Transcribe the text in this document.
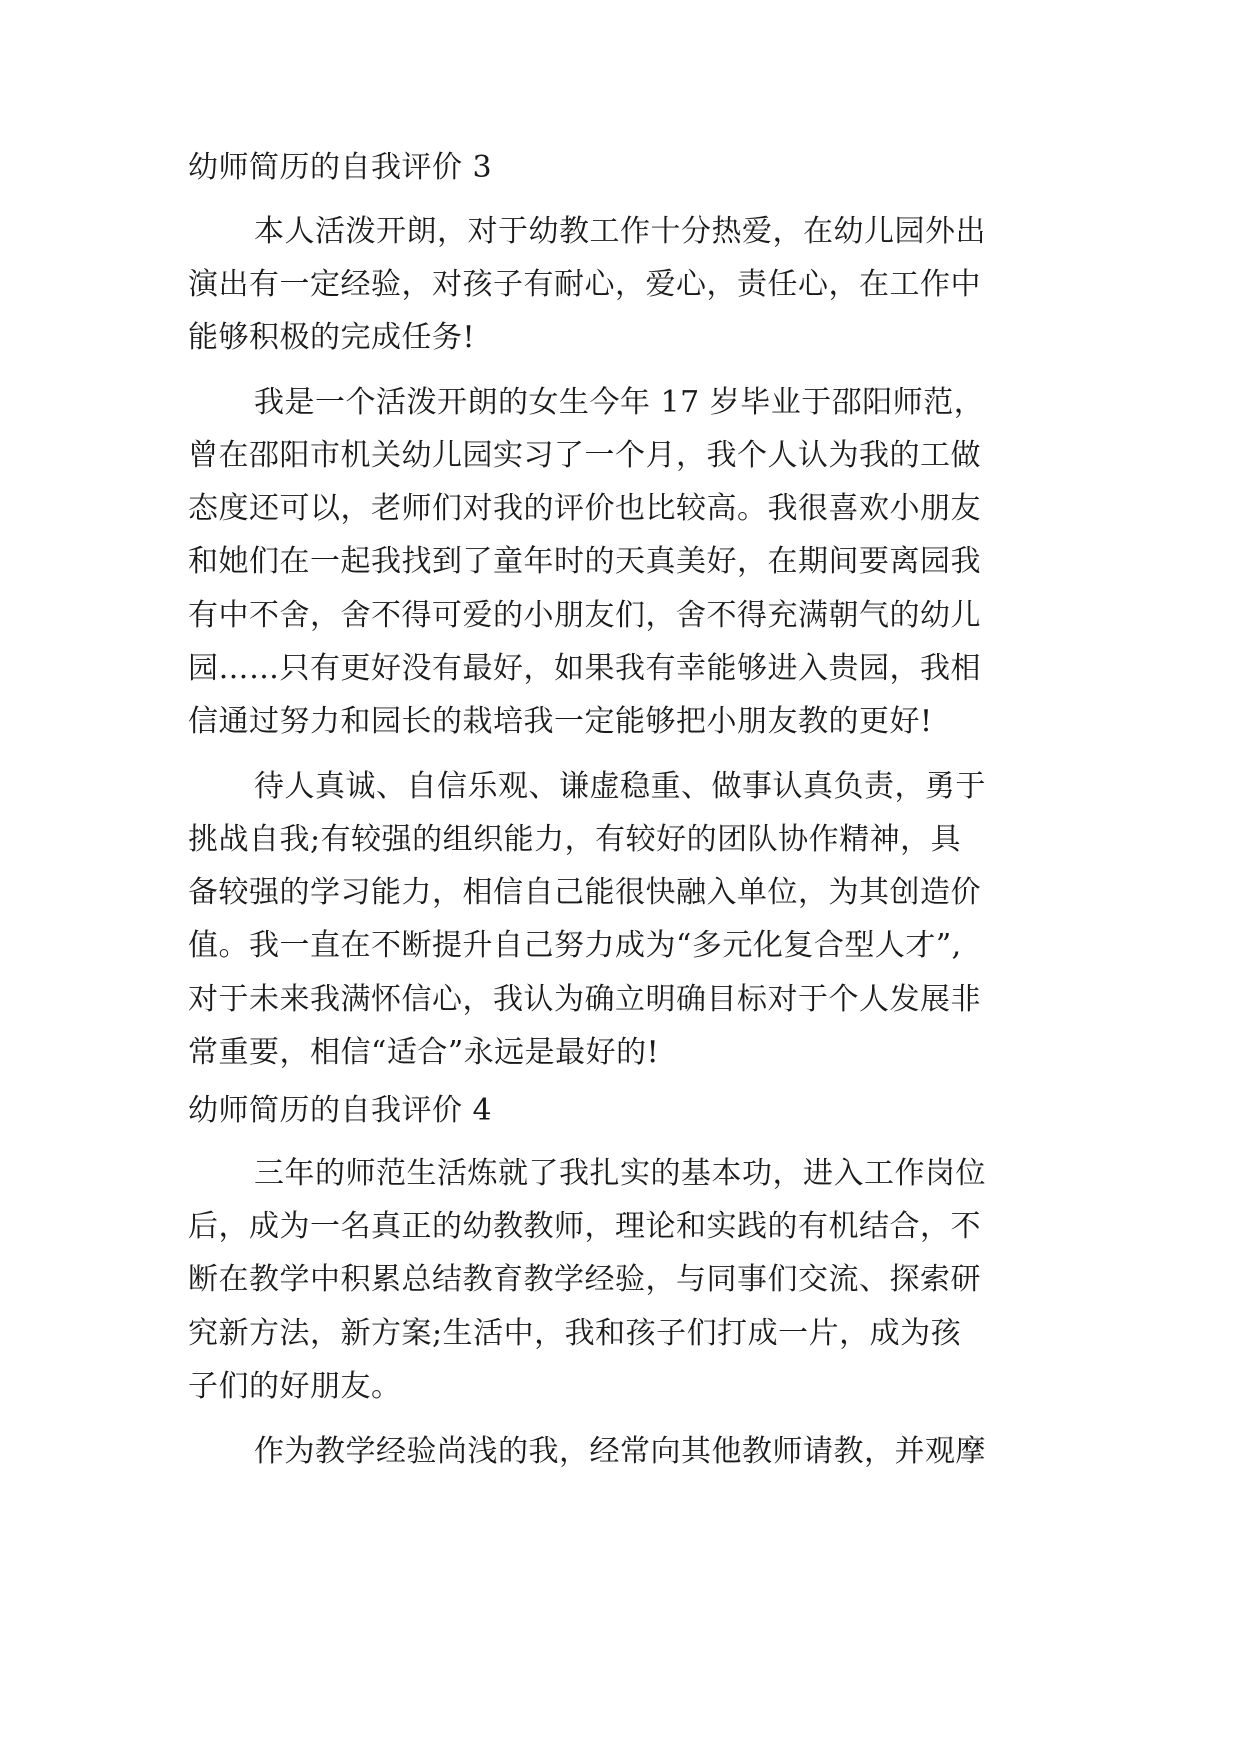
幼师简历的自我评价 3

本人活泼开朗，对于幼教工作十分热爱，在幼儿园外出

演出有一定经验，对孩子有耐心，爱心，责任心，在工作中

能够积极的完成任务!

我是一个活泼开朗的女生今年 17 岁毕业于邵阳师范，

曾在邵阳市机关幼儿园实习了一个月，我个人认为我的工做

态度还可以，老师们对我的评价也比较高。我很喜欢小朋友

和她们在一起我找到了童年时的天真美好，在期间要离园我

有中不舍，舍不得可爱的小朋友们，舍不得充满朝气的幼儿

园……只有更好没有最好，如果我有幸能够进入贵园，我相

信通过努力和园长的栽培我一定能够把小朋友教的更好!

待人真诚、自信乐观、谦虚稳重、做事认真负责，勇于

挑战自我;有较强的组织能力，有较好的团队协作精神，具

备较强的学习能力，相信自己能很快融入单位，为其创造价

值。我一直在不断提升自己努力成为“多元化复合型人才”,

对于未来我满怀信心，我认为确立明确目标对于个人发展非

常重要，相信“适合”永远是最好的!

幼师简历的自我评价 4

三年的师范生活炼就了我扎实的基本功，进入工作岗位

后，成为一名真正的幼教教师，理论和实践的有机结合，不

断在教学中积累总结教育教学经验，与同事们交流、探索研

究新方法，新方案;生活中，我和孩子们打成一片，成为孩

子们的好朋友。

作为教学经验尚浅的我，经常向其他教师请教，并观摩
